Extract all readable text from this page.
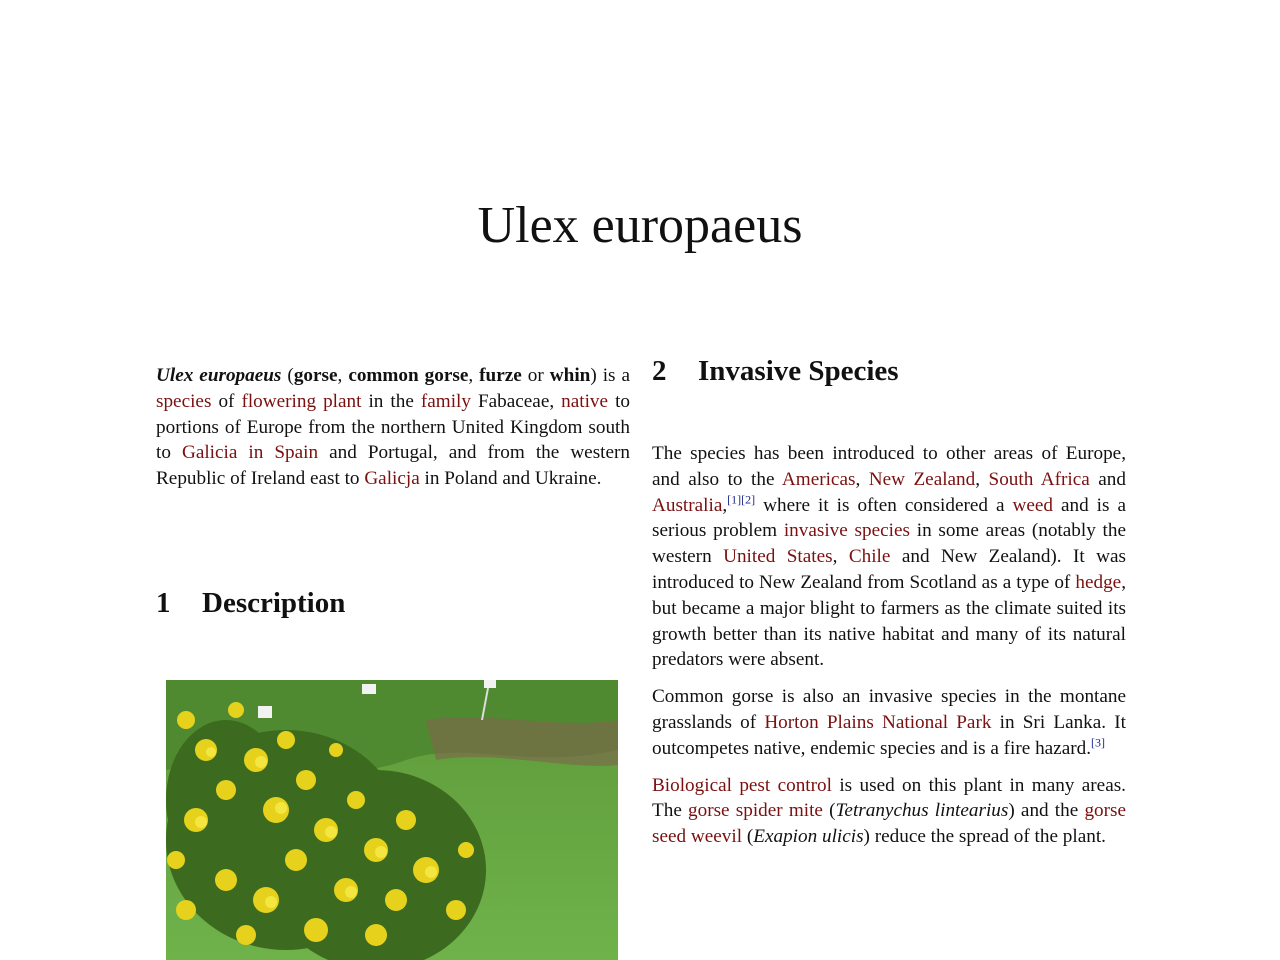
Ulex europaeus

Ulex europaeus (gorse, common gorse, furze or whin) is a species of flowering plant in the family Fabaceae, native to portions of Europe from the northern United Kingdom south to Galicia in Spain and Portugal, and from the western Republic of Ireland east to Galicja in Poland and Ukraine.

1 Description
2 Invasive Species

The species has been introduced to other areas of Europe, and also to the Americas, New Zealand, South Africa and Australia,[1][2] where it is often considered a weed and is a serious problem invasive species in some areas (notably the western United States, Chile and New Zealand). It was introduced to New Zealand from Scotland as a type of hedge, but became a major blight to farmers as the climate suited its growth better than its native habitat and many of its natural predators were absent.

Common gorse is also an invasive species in the montane grasslands of Horton Plains National Park in Sri Lanka. It outcompetes native, endemic species and is a fire hazard.[3]

Biological pest control is used on this plant in many areas. The gorse spider mite (Tetranychus lintearius) and the gorse seed weevil (Exapion ulicis) reduce the spread of the plant.
